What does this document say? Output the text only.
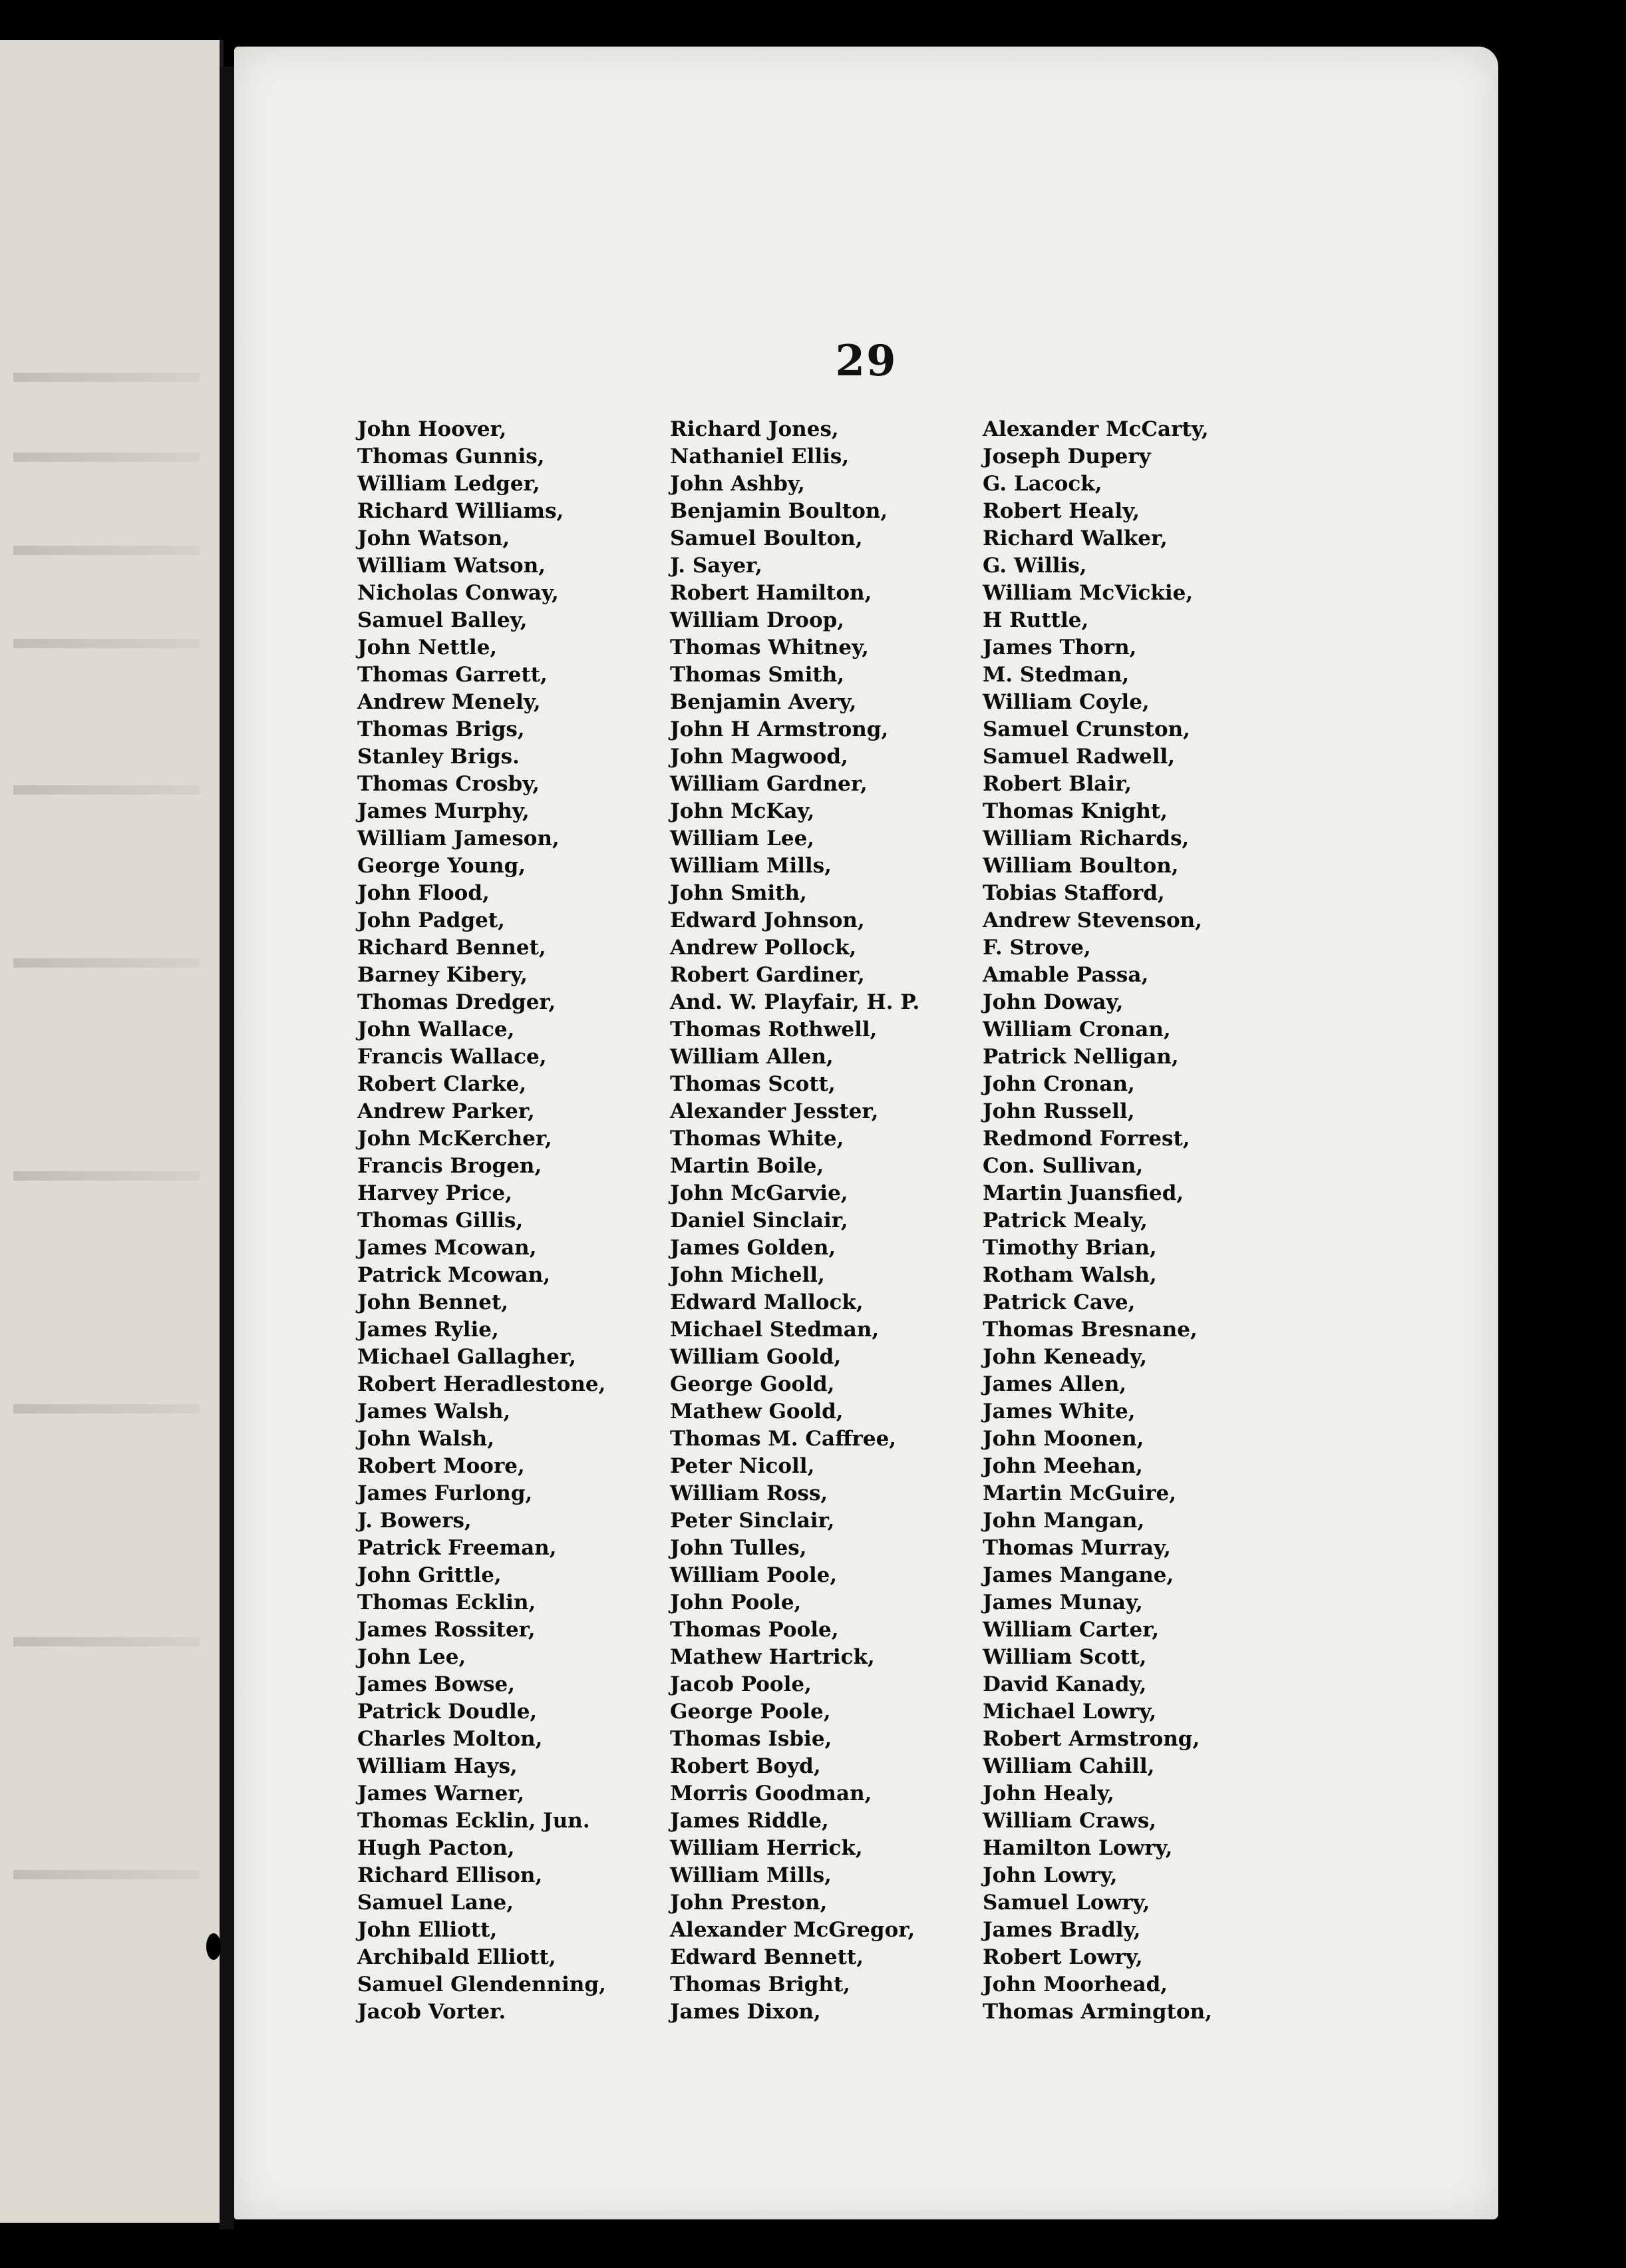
29
John Hoover,
Thomas Gunnis,
William Ledger,
Richard Williams,
John Watson,
William Watson,
Nicholas Conway,
Samuel Balley,
John Nettle,
Thomas Garrett,
Andrew Menely,
Thomas Brigs,
Stanley Brigs.
Thomas Crosby,
James Murphy,
William Jameson,
George Young,
John Flood,
John Padget,
Richard Bennet,
Barney Kibery,
Thomas Dredger,
John Wallace,
Francis Wallace,
Robert Clarke,
Andrew Parker,
John McKercher,
Francis Brogen,
Harvey Price,
Thomas Gillis,
James Mcowan,
Patrick Mcowan,
John Bennet,
James Rylie,
Michael Gallagher,
Robert Heradlestone,
James Walsh,
John Walsh,
Robert Moore,
James Furlong,
J. Bowers,
Patrick Freeman,
John Grittle,
Thomas Ecklin,
James Rossiter,
John Lee,
James Bowse,
Patrick Doudle,
Charles Molton,
William Hays,
James Warner,
Thomas Ecklin, Jun.
Hugh Pacton,
Richard Ellison,
Samuel Lane,
John Elliott,
Archibald Elliott,
Samuel Glendenning,
Jacob Vorter.
Richard Jones,
Nathaniel Ellis,
John Ashby,
Benjamin Boulton,
Samuel Boulton,
J. Sayer,
Robert Hamilton,
William Droop,
Thomas Whitney,
Thomas Smith,
Benjamin Avery,
John H Armstrong,
John Magwood,
William Gardner,
John McKay,
William Lee,
William Mills,
John Smith,
Edward Johnson,
Andrew Pollock,
Robert Gardiner,
And. W. Playfair, H. P.
Thomas Rothwell,
William Allen,
Thomas Scott,
Alexander Jesster,
Thomas White,
Martin Boile,
John McGarvie,
Daniel Sinclair,
James Golden,
John Michell,
Edward Mallock,
Michael Stedman,
William Goold,
George Goold,
Mathew Goold,
Thomas M. Caffree,
Peter Nicoll,
William Ross,
Peter Sinclair,
John Tulles,
William Poole,
John Poole,
Thomas Poole,
Mathew Hartrick,
Jacob Poole,
George Poole,
Thomas Isbie,
Robert Boyd,
Morris Goodman,
James Riddle,
William Herrick,
William Mills,
John Preston,
Alexander McGregor,
Edward Bennett,
Thomas Bright,
James Dixon,
Alexander McCarty,
Joseph Dupery
G. Lacock,
Robert Healy,
Richard Walker,
G. Willis,
William McVickie,
H Ruttle,
James Thorn,
M. Stedman,
William Coyle,
Samuel Crunston,
Samuel Radwell,
Robert Blair,
Thomas Knight,
William Richards,
William Boulton,
Tobias Stafford,
Andrew Stevenson,
F. Strove,
Amable Passa,
John Doway,
William Cronan,
Patrick Nelligan,
John Cronan,
John Russell,
Redmond Forrest,
Con. Sullivan,
Martin Juansfied,
Patrick Mealy,
Timothy Brian,
Rotham Walsh,
Patrick Cave,
Thomas Bresnane,
John Keneady,
James Allen,
James White,
John Moonen,
John Meehan,
Martin McGuire,
John Mangan,
Thomas Murray,
James Mangane,
James Munay,
William Carter,
William Scott,
David Kanady,
Michael Lowry,
Robert Armstrong,
William Cahill,
John Healy,
William Craws,
Hamilton Lowry,
John Lowry,
Samuel Lowry,
James Bradly,
Robert Lowry,
John Moorhead,
Thomas Armington,
